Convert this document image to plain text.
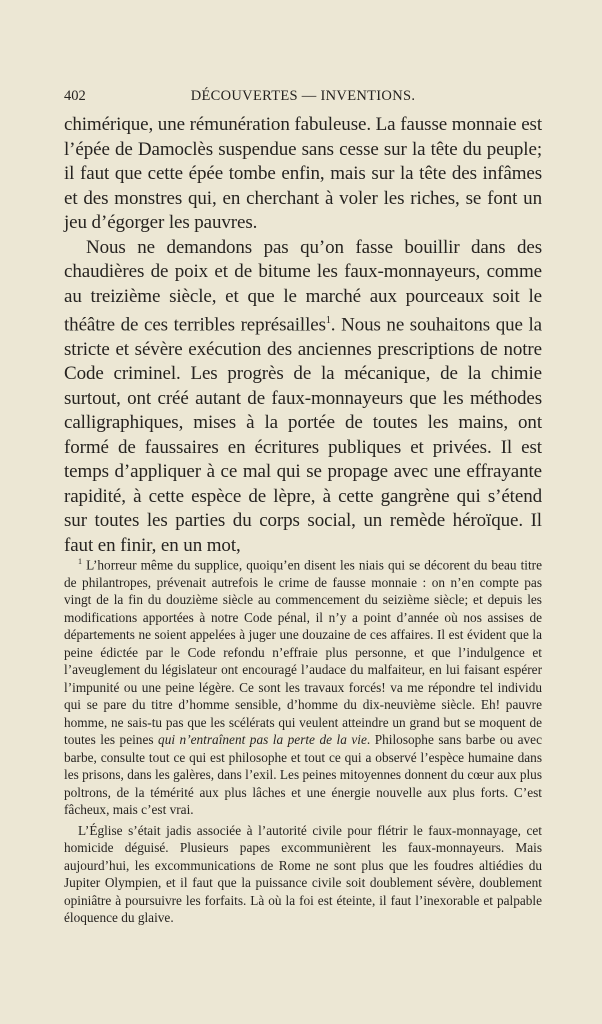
402	DÉCOUVERTES — INVENTIONS.

chimérique, une rémunération fabuleuse. La fausse monnaie est l’épée de Damoclès suspendue sans cesse sur la tête du peuple; il faut que cette épée tombe enfin, mais sur la tête des infâmes et des monstres qui, en cherchant à voler les riches, se font un jeu d’égorger les pauvres.

Nous ne demandons pas qu’on fasse bouillir dans des chaudières de poix et de bitume les faux-monnayeurs, comme au treizième siècle, et que le marché aux pourceaux soit le théâtre de ces terribles représailles$^1$. Nous ne souhaitons que la stricte et sévère exécution des anciennes prescriptions de notre Code criminel. Les progrès de la mécanique, de la chimie surtout, ont créé autant de faux-monnayeurs que les méthodes calligraphiques, mises à la portée de toutes les mains, ont formé de faussaires en écritures publiques et privées. Il est temps d’appliquer à ce mal qui se propage avec une effrayante rapidité, à cette espèce de lèpre, à cette gangrène qui s’étend sur toutes les parties du corps social, un remède héroïque. Il faut en finir, en un mot,

$^1$ L’horreur même du supplice, quoiqu’en disent les niais qui se décorent du beau titre de philantropes, prévenait autrefois le crime de fausse monnaie : on n’en compte pas vingt de la fin du douzième siècle au commencement du seizième siècle; et depuis les modifications apportées à notre Code pénal, il n’y a point d’année où nos assises de départements ne soient appelées à juger une douzaine de ces affaires. Il est évident que la peine édictée par le Code refondu n’effraie plus personne, et que l’indulgence et l’aveuglement du législateur ont encouragé l’audace du malfaiteur, en lui faisant espérer l’impunité ou une peine légère. Ce sont les travaux forcés! va me répondre tel individu qui se pare du titre d’homme sensible, d’homme du dix-neuvième siècle. Eh! pauvre homme, ne sais-tu pas que les scélérats qui veulent atteindre un grand but se moquent de toutes les peines qui n’entraînent pas la perte de la vie. Philosophe sans barbe ou avec barbe, consulte tout ce qui est philosophe et tout ce qui a observé l’espèce humaine dans les prisons, dans les galères, dans l’exil. Les peines mitoyennes donnent du cœur aux plus poltrons, de la témérité aux plus lâches et une énergie nouvelle aux plus forts. C’est fâcheux, mais c’est vrai.

L’Église s’était jadis associée à l’autorité civile pour flétrir le faux-monnayage, cet homicide déguisé. Plusieurs papes excommunièrent les faux-monnayeurs. Mais aujourd’hui, les excommunications de Rome ne sont plus que les foudres altiédies du Jupiter Olympien, et il faut que la puissance civile soit doublement sévère, doublement opiniâtre à poursuivre les forfaits. Là où la foi est éteinte, il faut l’inexorable et palpable éloquence du glaive.
